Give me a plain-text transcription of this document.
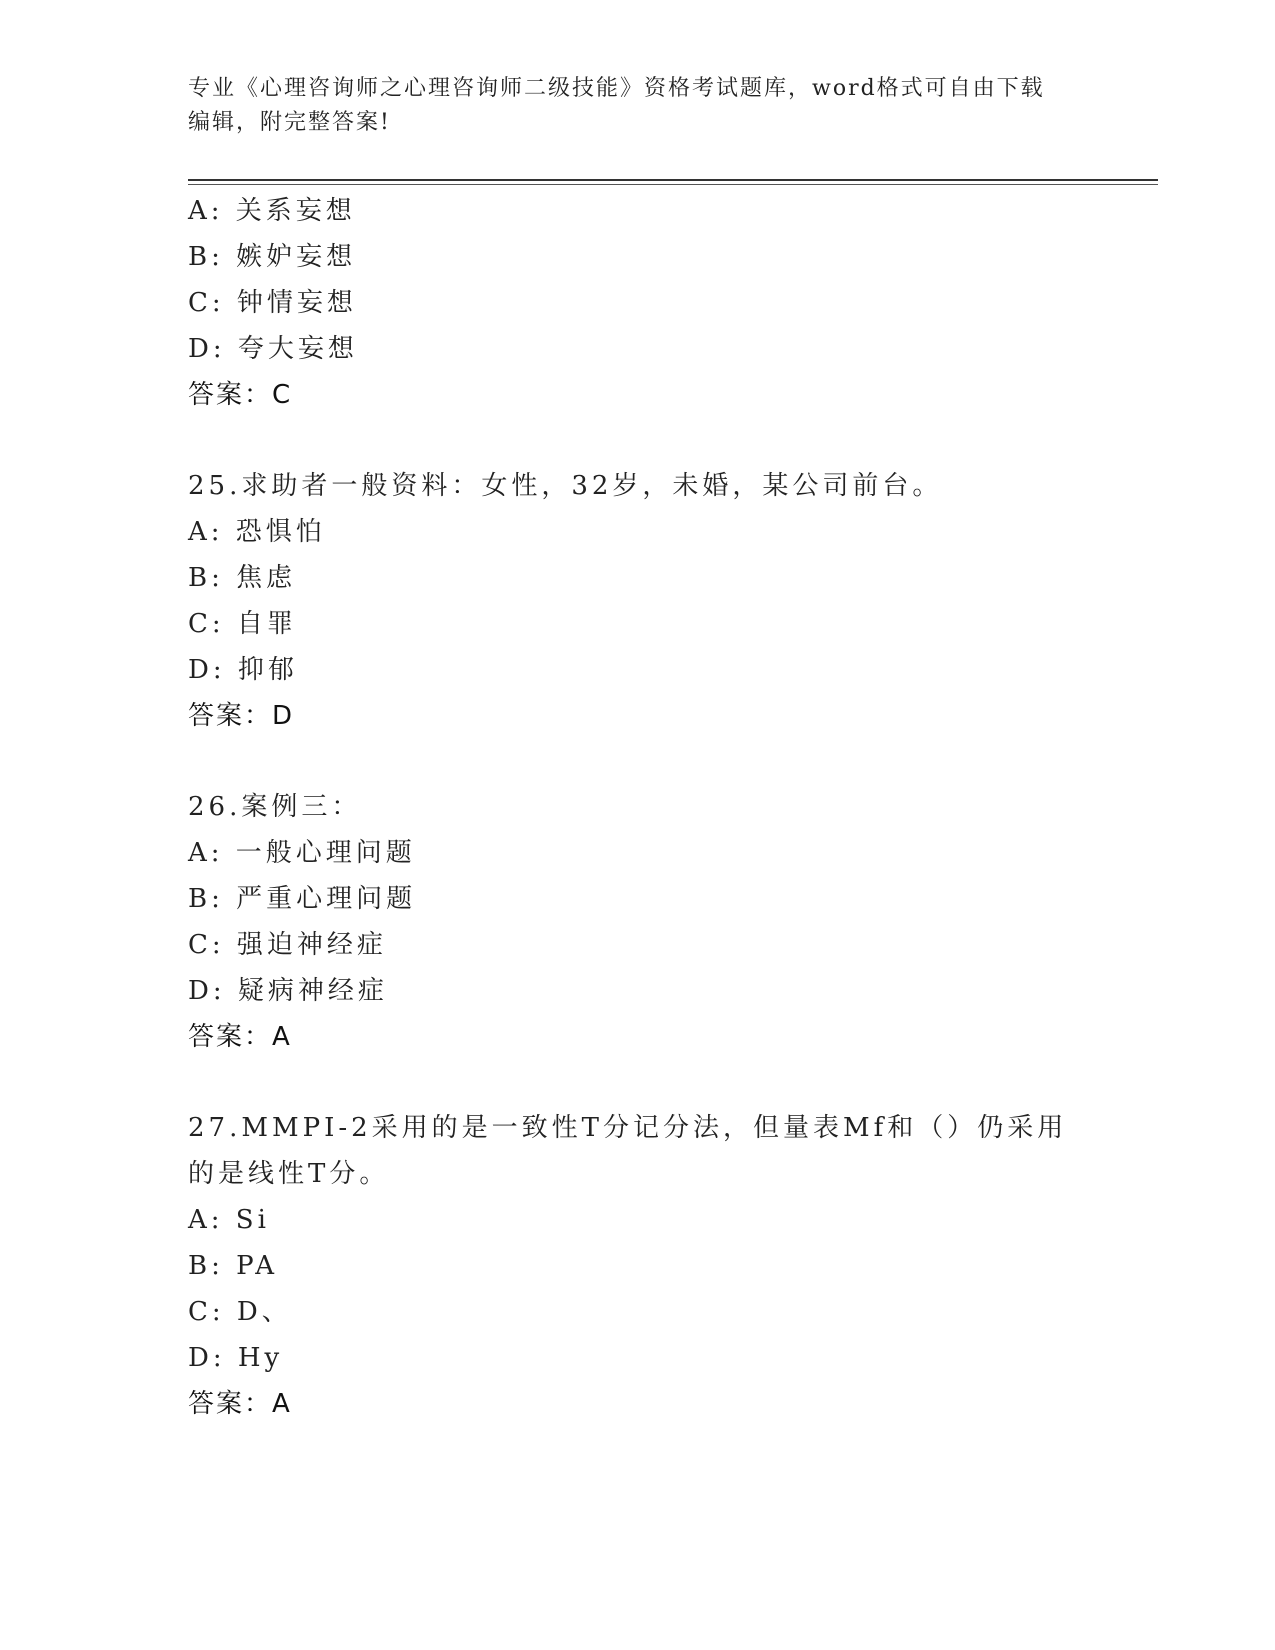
专业《心理咨询师之心理咨询师二级技能》资格考试题库，word格式可自由下载
编辑，附完整答案!
A: 关系妄想
B: 嫉妒妄想
C: 钟情妄想
D: 夸大妄想
答案：C
25.求助者一般资料：女性，32岁，未婚，某公司前台。
A: 恐惧怕
B: 焦虑
C: 自罪
D: 抑郁
答案：D
26.案例三：
A: 一般心理问题
B: 严重心理问题
C: 强迫神经症
D: 疑病神经症
答案：A
27.MMPI-2采用的是一致性T分记分法，但量表Mf和（）仍采用的是线性T分。
A: Si
B: PA
C: D、
D: Hy
答案：A
